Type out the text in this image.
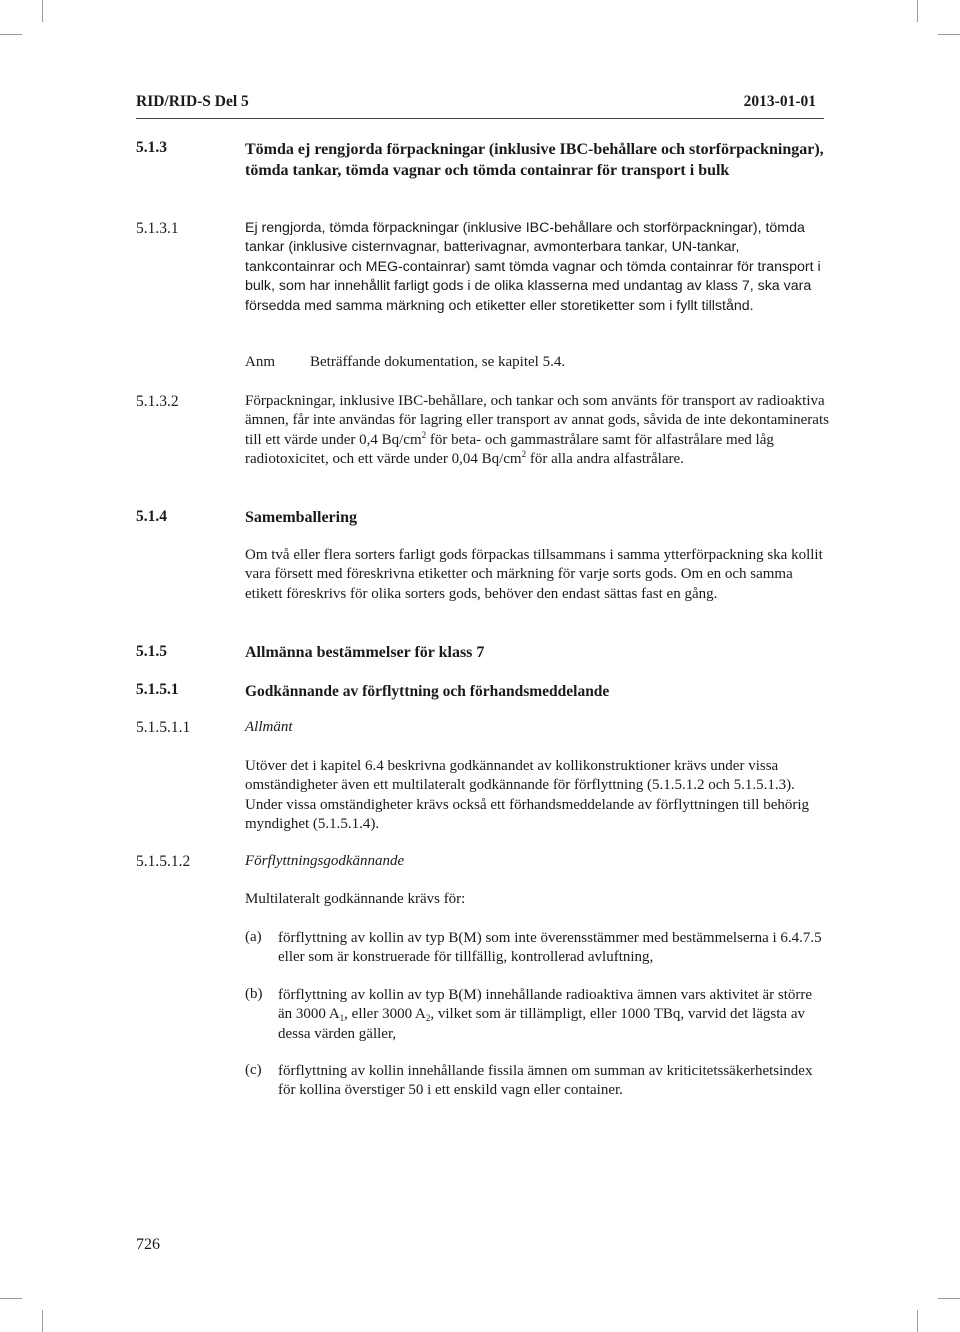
RID/RID-S Del 5	2013-01-01
5.1.3	Tömda ej rengjorda förpackningar (inklusive IBC-behållare och storförpackningar), tömda tankar, tömda vagnar och tömda containrar för transport i bulk
5.1.3.1	Ej rengjorda, tömda förpackningar (inklusive IBC-behållare och storförpackningar), tömda tankar (inklusive cisternvagnar, batterivagnar, avmonterbara tankar, UN-tankar, tankcontainrar och MEG-containrar) samt tömda vagnar och tömda containrar för transport i bulk, som har innehållit farligt gods i de olika klasserna med undantag av klass 7, ska vara försedda med samma märkning och etiketter eller storetiketter som i fyllt tillstånd.
Anm Beträffande dokumentation, se kapitel 5.4.
5.1.3.2	Förpackningar, inklusive IBC-behållare, och tankar och som använts för transport av radioaktiva ämnen, får inte användas för lagring eller transport av annat gods, såvida de inte dekontaminerats till ett värde under 0,4 $Bq/cm^2$ för beta- och gammastrålare samt för alfastrålare med låg radiotoxicitet, och ett värde under 0,04 $Bq/cm^2$ för alla andra alfastrålare.
5.1.4	Samemballering
Om två eller flera sorters farligt gods förpackas tillsammans i samma ytterförpackning ska kollit vara försett med föreskrivna etiketter och märkning för varje sorts gods. Om en och samma etikett föreskrivs för olika sorters gods, behöver den endast sättas fast en gång.
5.1.5	Allmänna bestämmelser för klass 7
5.1.5.1	Godkännande av förflyttning och förhandsmeddelande
5.1.5.1.1	Allmänt
Utöver det i kapitel 6.4 beskrivna godkännandet av kollikonstruktioner krävs under vissa omständigheter även ett multilateralt godkännande för förflyttning (5.1.5.1.2 och 5.1.5.1.3). Under vissa omständigheter krävs också ett förhandsmeddelande av förflyttningen till behörig myndighet (5.1.5.1.4).
5.1.5.1.2	Förflyttningsgodkännande
Multilateralt godkännande krävs för:
(a) förflyttning av kollin av typ B(M) som inte överensstämmer med bestämmelserna i 6.4.7.5 eller som är konstruerade för tillfällig, kontrollerad avluftning,
(b) förflyttning av kollin av typ B(M) innehållande radioaktiva ämnen vars aktivitet är större än 3000 $A_1$, eller 3000 $A_2$, vilket som är tillämpligt, eller 1000 TBq, varvid det lägsta av dessa värden gäller,
(c) förflyttning av kollin innehållande fissila ämnen om summan av kriticitetssäkerhetsindex för kollina överstiger 50 i ett enskild vagn eller container.
726
